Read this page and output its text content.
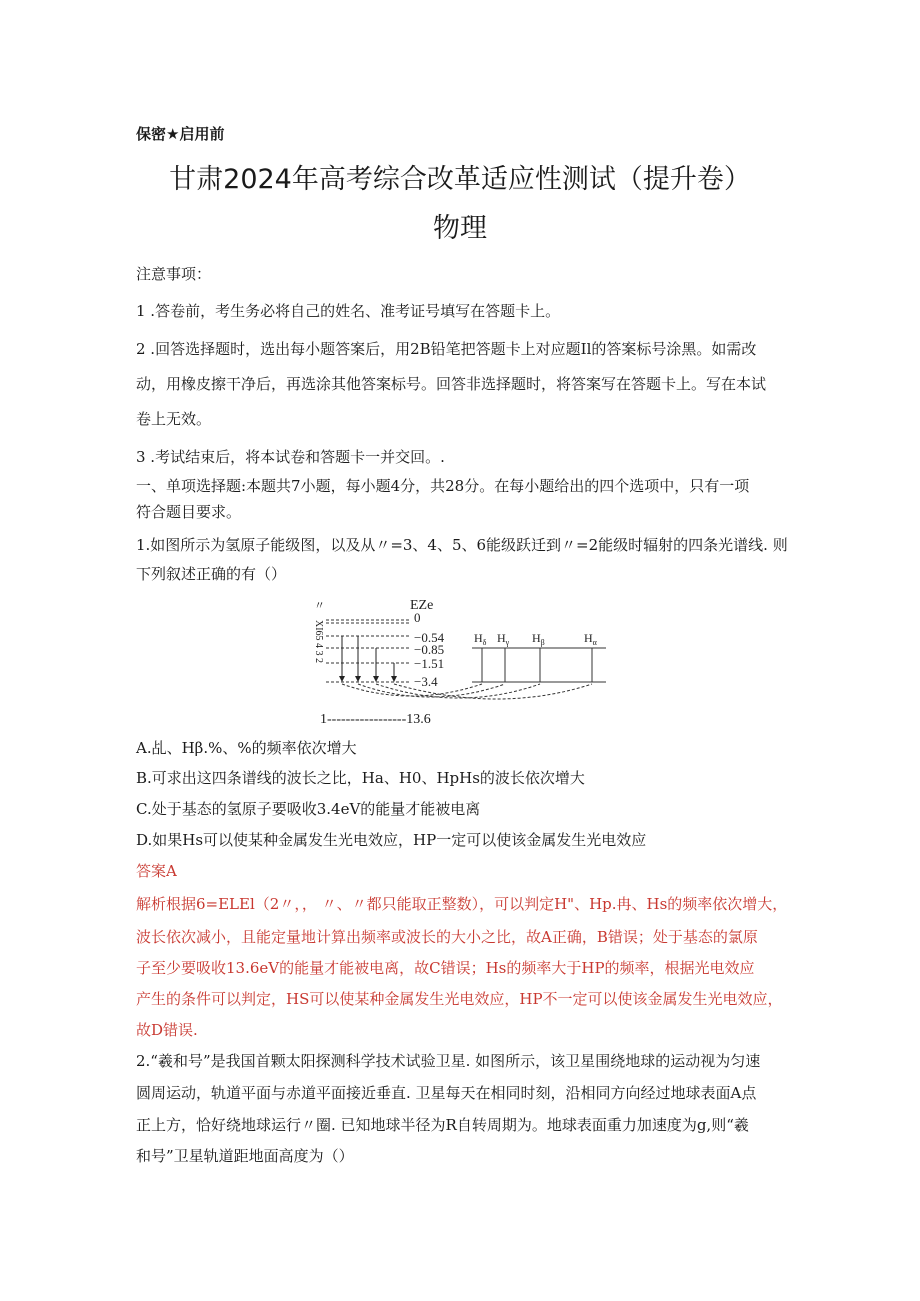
保密★启用前
甘肃2024年高考综合改革适应性测试（提升卷）
物理
注意事项：
1 .答卷前，考生务必将自己的姓名、准考证号填写在答题卡上。
2 .回答选择题时，选出每小题答案后，用2B铅笔把答题卡上对应题Il的答案标号涂黑。如需改
动，用橡皮擦干净后，再选涂其他答案标号。回答非选择题时，将答案写在答题卡上。写在本试
卷上无效。
3 .考试结束后，将本试卷和答题卡一并交回。.
一、单项选择题:本题共7小题，每小题4分，共28分。在每小题给出的四个选项中，只有一项
符合题目要求。
1.如图所示为氢原子能级图，以及从〃=3、4、5、6能级跃迁到〃=2能级时辐射的四条光谱线. 则
下列叙述正确的有（）
〃	EZe
XI65 4 3 2
0
−0.54
−0.85
−1.51
−3.4
$H_\delta$ $H_\gamma$ $H_\beta$	$H_\alpha$
1-----------------13.6
A.乩、Hβ.%、%的频率依次增大
B.可求出这四条谱线的波长之比，Ha、H0、HpHs的波长依次增大
C.处于基态的氢原子要吸收3.4eV的能量才能被电离
D.如果Hs可以使某种金属发生光电效应，HP一定可以使该金属发生光电效应
答案A
解析根据6=ELEl（2〃，， 〃、〃都只能取正整数），可以判定H"、Hp.冉、Hs的频率依次增大，
波长依次减小，且能定量地计算出频率或波长的大小之比，故A正确，B错误；处于基态的氯原
子至少要吸收13.6eV的能量才能被电离，故C错误；Hs的频率大于HP的频率，根据光电效应
产生的条件可以判定，HS可以使某种金属发生光电效应，HP不一定可以使该金属发生光电效应，
故D错误.
2.“羲和号”是我国首颗太阳探测科学技术试验卫星. 如图所示，该卫星围绕地球的运动视为匀速
圆周运动，轨道平面与赤道平面接近垂直. 卫星每天在相同时刻，沿相同方向经过地球表面A点
正上方，恰好绕地球运行〃圈. 已知地球半径为R自转周期为。地球表面重力加速度为g,则“羲
和号”卫星轨道距地面高度为（）
